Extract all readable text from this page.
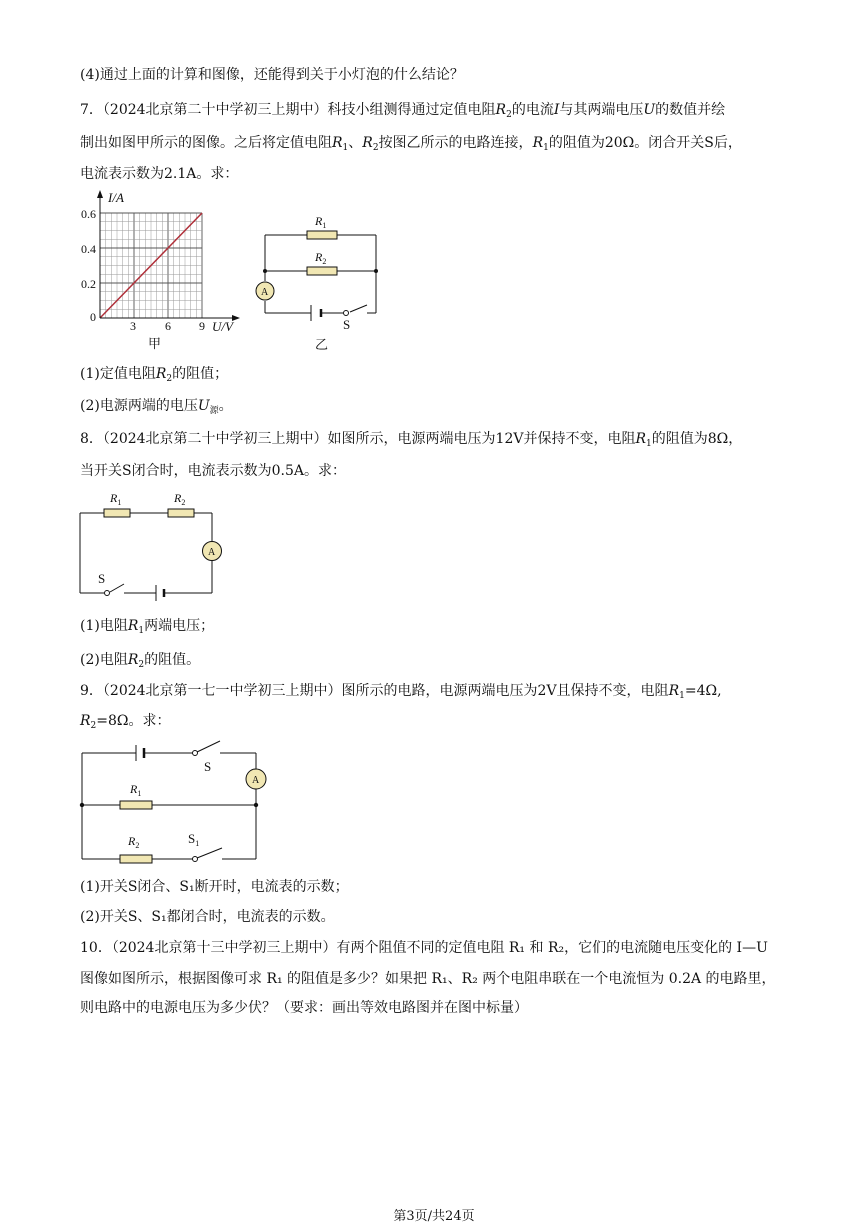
(4)通过上面的计算和图像，还能得到关于小灯泡的什么结论？
7．（2024北京第二十中学初三上期中）科技小组测得通过定值电阻$R_2$的电流I与其两端电压U的数值并绘
制出如图甲所示的图像。之后将定值电阻$R_1$、$R_2$按图乙所示的电路连接，$R_1$的阻值为20Ω。闭合开关S后，
电流表示数为2.1A。求：
I/A
U/V
0.6
0.4
0.2
0
3 6 9
甲
$R_1$
$R_2$
A
S
乙
(1)定值电阻$R_2$的阻值；
(2)电源两端的电压$U_源$。
8．（2024北京第二十中学初三上期中）如图所示，电源两端电压为12V并保持不变，电阻$R_1$的阻值为8Ω，
当开关S闭合时，电流表示数为0.5A。求：
$R_1$	$R_2$
A
S
(1)电阻$R_1$两端电压；
(2)电阻$R_2$的阻值。
9．（2024北京第一七一中学初三上期中）图所示的电路，电源两端电压为2V且保持不变，电阻$R_1=4\Omega$,
$R_2=8\Omega$。求：
S
A
$R_1$
$R_2$	$S_1$
(1)开关S闭合、S₁断开时，电流表的示数；
(2)开关S、S₁都闭合时，电流表的示数。
10．（2024北京第十三中学初三上期中）有两个阻值不同的定值电阻 R₁ 和 R₂，它们的电流随电压变化的 I—U
图像如图所示，根据图像可求 R₁ 的阻值是多少？如果把 R₁、R₂ 两个电阻串联在一个电流恒为 0.2A 的电路里，
则电路中的电源电压为多少伏？（要求：画出等效电路图并在图中标量）
第3页/共24页
